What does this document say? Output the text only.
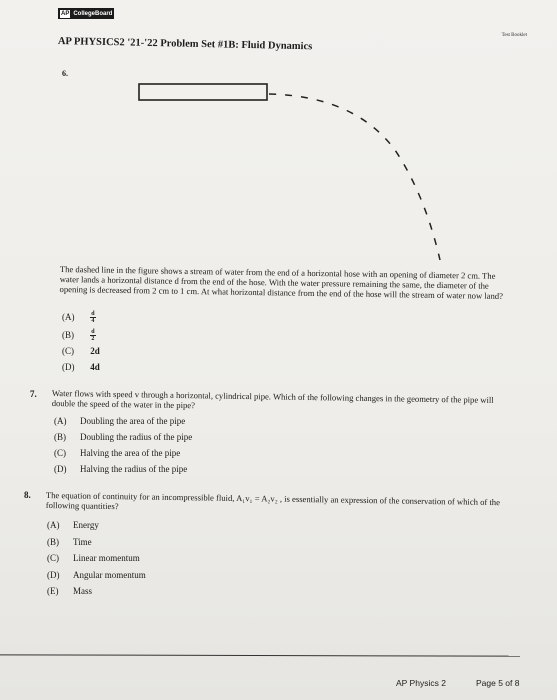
AP CollegeBoard
Test Booklet
AP PHYSICS2 '21-'22 Problem Set #1B: Fluid Dynamics
6.
The dashed line in the figure shows a stream of water from the end of a horizontal hose with an opening of diameter 2 cm. The water lands a horizontal distance d from the end of the hose. With the water pressure remaining the same, the diameter of the opening is decreased from 2 cm to 1 cm. At what horizontal distance from the end of the hose will the stream of water now land?
(A)	$\frac{d}{4}$
(B)	$\frac{d}{2}$
(C) 2d
(D) 4d
7. Water flows with speed v through a horizontal, cylindrical pipe. Which of the following changes in the geometry of the pipe will double the speed of the water in the pipe?
(A) Doubling the area of the pipe
(B) Doubling the radius of the pipe
(C) Halving the area of the pipe
(D) Halving the radius of the pipe
8. The equation of continuity for an incompressible fluid, A₁v₁ = A₂v₂ , is essentially an expression of the conservation of which of the following quantities?
(A) Energy
(B) Time
(C) Linear momentum
(D) Angular momentum
(E) Mass
AP Physics 2	Page 5 of 8
